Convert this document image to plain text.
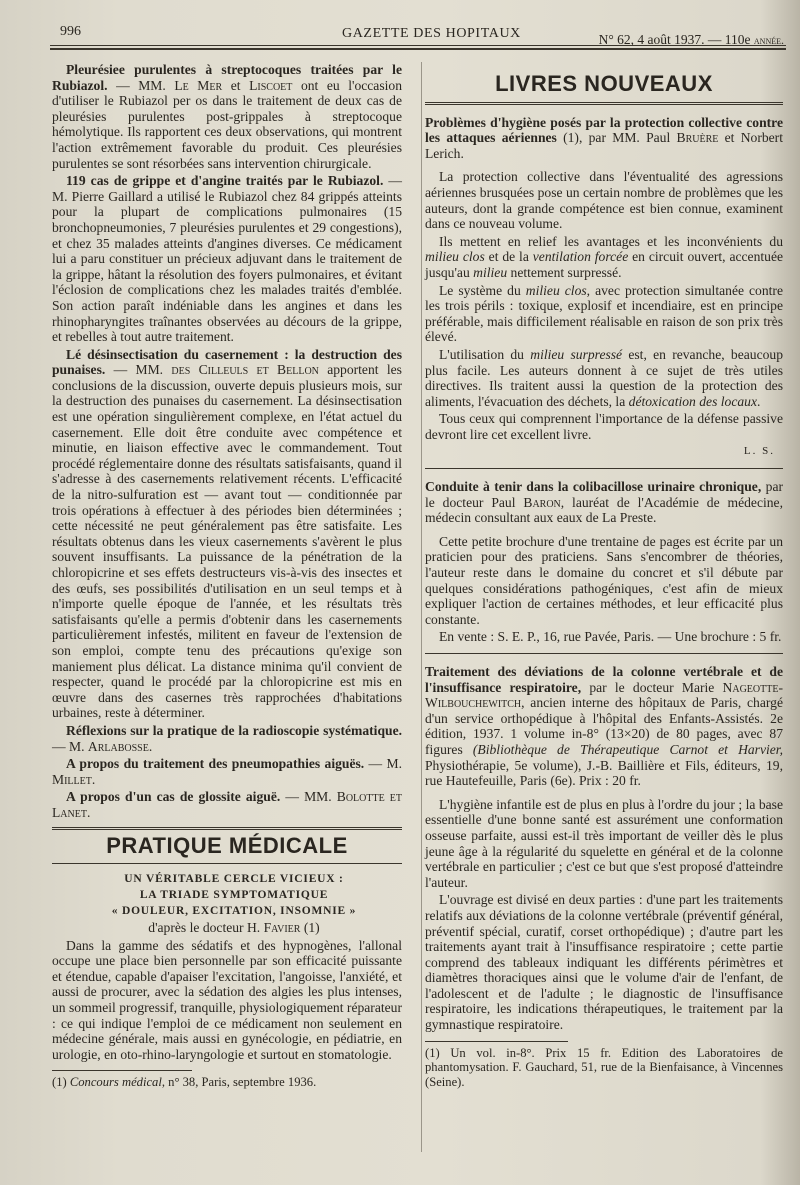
996	GAZETTE DES HOPITAUX	N° 62, 4 août 1937. — 110e année.

Pleurésiee purulentes à streptocoques traitées par le Rubiazol. — MM. Le Mer et Liscoet ont eu l'occasion d'utiliser le Rubiazol per os dans le traitement de deux cas de pleurésies purulentes post-grippales à streptocoque hémolytique. Ils rapportent ces deux observations, qui montrent l'action extrêmement favorable du produit. Ces pleurésies purulentes se sont résorbées sans intervention chirurgicale.

119 cas de grippe et d'angine traités par le Rubiazol. — M. Pierre Gaillard a utilisé le Rubiazol chez 84 grippés atteints pour la plupart de complications pulmonaires (15 bronchopneumonies, 7 pleurésies purulentes et 29 congestions), et chez 35 malades atteints d'angines diverses. Ce médicament lui a paru constituer un précieux adjuvant dans le traitement de la grippe, hâtant la résolution des foyers pulmonaires, et évitant l'éclosion de complications chez les malades traités d'emblée. Son action paraît indéniable dans les angines et dans les rhinopharyngites traînantes observées au décours de la grippe, et rebelles à tout autre traitement.

Lé désinsectisation du casernement : la destruction des punaises. — MM. des Cilleuls et Bellon apportent les conclusions de la discussion, ouverte depuis plusieurs mois, sur la destruction des punaises du casernement. La désinsectisation est une opération singulièrement complexe, en l'état actuel du casernement. Elle doit être conduite avec compétence et minutie, en liaison effective avec le commandement. Tout procédé réglementaire donne des résultats satisfaisants, quand il s'adresse à des casernements relativement récents. L'efficacité de la nitro-sulfuration est — avant tout — conditionnée par trois opérations à effectuer à des périodes bien déterminées ; cette nécessité ne peut généralement pas être satisfaite. Les résultats obtenus dans les vieux casernements s'avèrent le plus souvent insuffisants. La puissance de la pénétration de la chloropicrine et ses effets destructeurs vis-à-vis des insectes et des œufs, ses possibilités d'utilisation en un seul temps et à n'importe quelle époque de l'année, et les résultats très satisfaisants qu'elle a permis d'obtenir dans les casernements particulièrement infestés, militent en faveur de l'extension de son emploi, compte tenu des précautions qu'exige son maniement plus délicat. La distance minima qu'il convient de respecter, quand le procédé par la chloropicrine est mis en œuvre dans des casernes très rapprochées d'habitations urbaines, reste à déterminer.

Réflexions sur la pratique de la radioscopie systématique. — M. Arlabosse.

A propos du traitement des pneumopathies aiguës. — M. Millet.

A propos d'un cas de glossite aiguë. — MM. Bolotte et Lanet.

PRATIQUE MÉDICALE

UN VÉRITABLE CERCLE VICIEUX :

LA TRIADE SYMPTOMATIQUE

« DOULEUR, EXCITATION, INSOMNIE »

d'après le docteur H. Favier (1)

Dans la gamme des sédatifs et des hypnogènes, l'allonal occupe une place bien personnelle par son efficacité puissante et étendue, capable d'apaiser l'excitation, l'angoisse, l'anxiété, et aussi de procurer, avec la sédation des algies les plus intenses, un sommeil progressif, tranquille, physiologiquement réparateur : ce qui indique l'emploi de ce médicament non seulement en médecine générale, mais aussi en gynécologie, en pédiatrie, en urologie, en oto-rhino-laryngologie et surtout en stomatologie.

(1) Concours médical, n° 38, Paris, septembre 1936.

LIVRES NOUVEAUX

Problèmes d'hygiène posés par la protection collective contre les attaques aériennes (1), par MM. Paul Bruère et Norbert Lerich.

La protection collective dans l'éventualité des agressions aériennes brusquées pose un certain nombre de problèmes que les auteurs, dont la grande compétence est bien connue, examinent dans ce nouveau volume.

Ils mettent en relief les avantages et les inconvénients du milieu clos et de la ventilation forcée en circuit ouvert, accentuée jusqu'au milieu nettement surpressé.

Le système du milieu clos, avec protection simultanée contre les trois périls : toxique, explosif et incendiaire, est en principe préférable, mais difficilement réalisable en raison de son prix très élevé.

L'utilisation du milieu surpressé est, en revanche, beaucoup plus facile. Les auteurs donnent à ce sujet de très utiles directives. Ils traitent aussi la question de la protection des aliments, l'évacuation des déchets, la détoxication des locaux.

Tous ceux qui comprennent l'importance de la défense passive devront lire cet excellent livre.

L. S.

Conduite à tenir dans la colibacillose urinaire chronique, par le docteur Paul Baron, lauréat de l'Académie de médecine, médecin consultant aux eaux de La Preste.

Cette petite brochure d'une trentaine de pages est écrite par un praticien pour des praticiens. Sans s'encombrer de théories, l'auteur reste dans le domaine du concret et s'il débute par quelques considérations pathogéniques, c'est afin de mieux expliquer l'action de certaines méthodes, et leur efficacité plus constante.

En vente : S. E. P., 16, rue Pavée, Paris. — Une brochure : 5 fr.

Traitement des déviations de la colonne vertébrale et de l'insuffisance respiratoire, par le docteur Marie Nageotte-Wilbouchewitch, ancien interne des hôpitaux de Paris, chargé d'un service orthopédique à l'hôpital des Enfants-Assistés. 2e édition, 1937. 1 volume in-8° (13×20) de 80 pages, avec 87 figures (Bibliothèque de Thérapeutique Carnot et Harvier, Physiothérapie, 5e volume), J.-B. Baillière et Fils, éditeurs, 19, rue Hautefeuille, Paris (6e). Prix : 20 fr.

L'hygiène infantile est de plus en plus à l'ordre du jour ; la base essentielle d'une bonne santé est assurément une conformation osseuse parfaite, aussi est-il très important de veiller dès le plus jeune âge à la régularité du squelette en général et de la colonne vertébrale en particulier ; c'est ce but que s'est proposé d'atteindre l'auteur.

L'ouvrage est divisé en deux parties : d'une part les traitements relatifs aux déviations de la colonne vertébrale (préventif général, préventif spécial, curatif, corset orthopédique) ; d'autre part les traitements ayant trait à l'insuffisance respiratoire ; cette partie comprend des tableaux indiquant les différents périmètres et diamètres thoraciques ainsi que le volume d'air de l'enfant, de l'adolescent et de l'adulte ; le diagnostic de l'insuffisance respiratoire, les indications thérapeutiques, le traitement par la gymnastique respiratoire.

(1) Un vol. in-8°. Prix 15 fr. Edition des Laboratoires de phantomysation. F. Gauchard, 51, rue de la Bienfaisance, à Vincennes (Seine).
